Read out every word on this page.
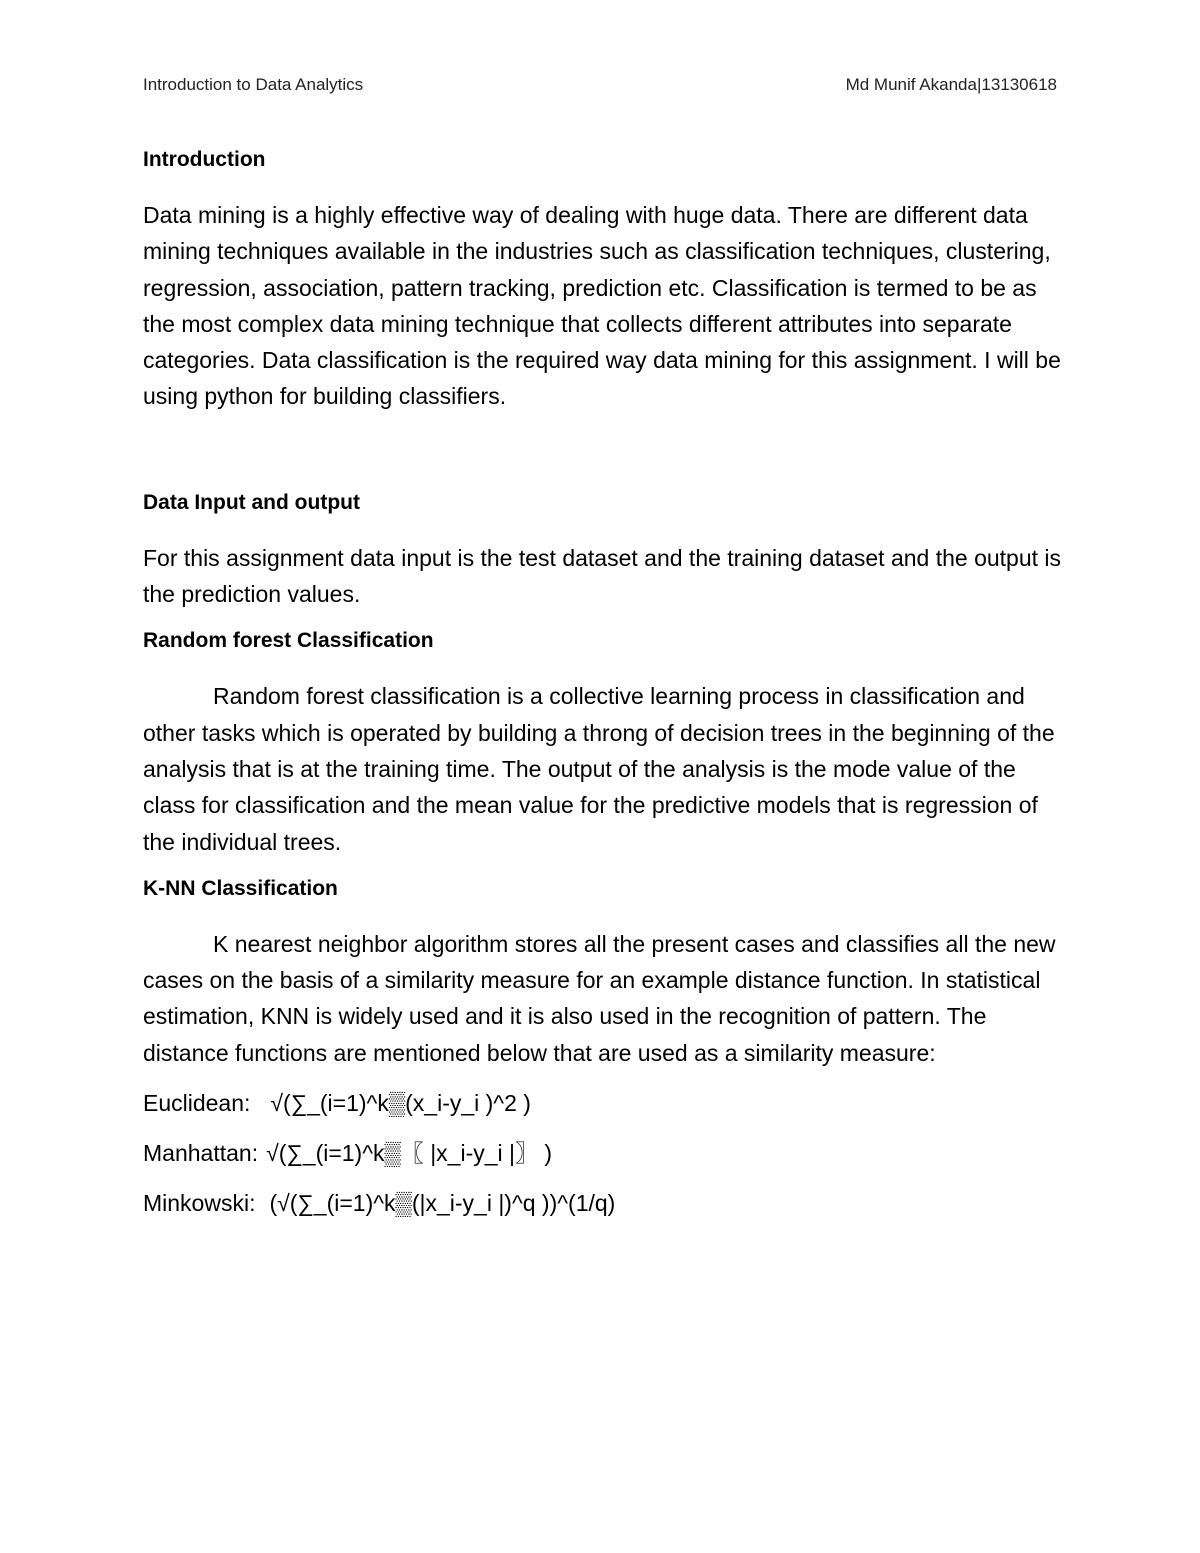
Introduction to Data Analytics	Md Munif Akanda|13130618
Introduction

Data mining is a highly effective way of dealing with huge data. There are different data mining techniques available in the industries such as classification techniques, clustering, regression, association, pattern tracking, prediction etc. Classification is termed to be as the most complex data mining technique that collects different attributes into separate categories. Data classification is the required way data mining for this assignment. I will be using python for building classifiers.

Data Input and output

For this assignment data input is the test dataset and the training dataset and the output is the prediction values.

Random forest Classification

Random forest classification is a collective learning process in classification and other tasks which is operated by building a throng of decision trees in the beginning of the analysis that is at the training time. The output of the analysis is the mode value of the class for classification and the mean value for the predictive models that is regression of the individual trees.

K-NN Classification

K nearest neighbor algorithm stores all the present cases and classifies all the new cases on the basis of a similarity measure for an example distance function. In statistical estimation, KNN is widely used and it is also used in the recognition of pattern. The distance functions are mentioned below that are used as a similarity measure:

Euclidean: √(∑_(i=1)^k▒(x_i-y_i )^2 )
Manhattan: √(∑_(i=1)^k▒〖 |x_i-y_i |〗 )
Minkowski: (√(∑_(i=1)^k▒(|x_i-y_i |)^q ))^(1/q)
